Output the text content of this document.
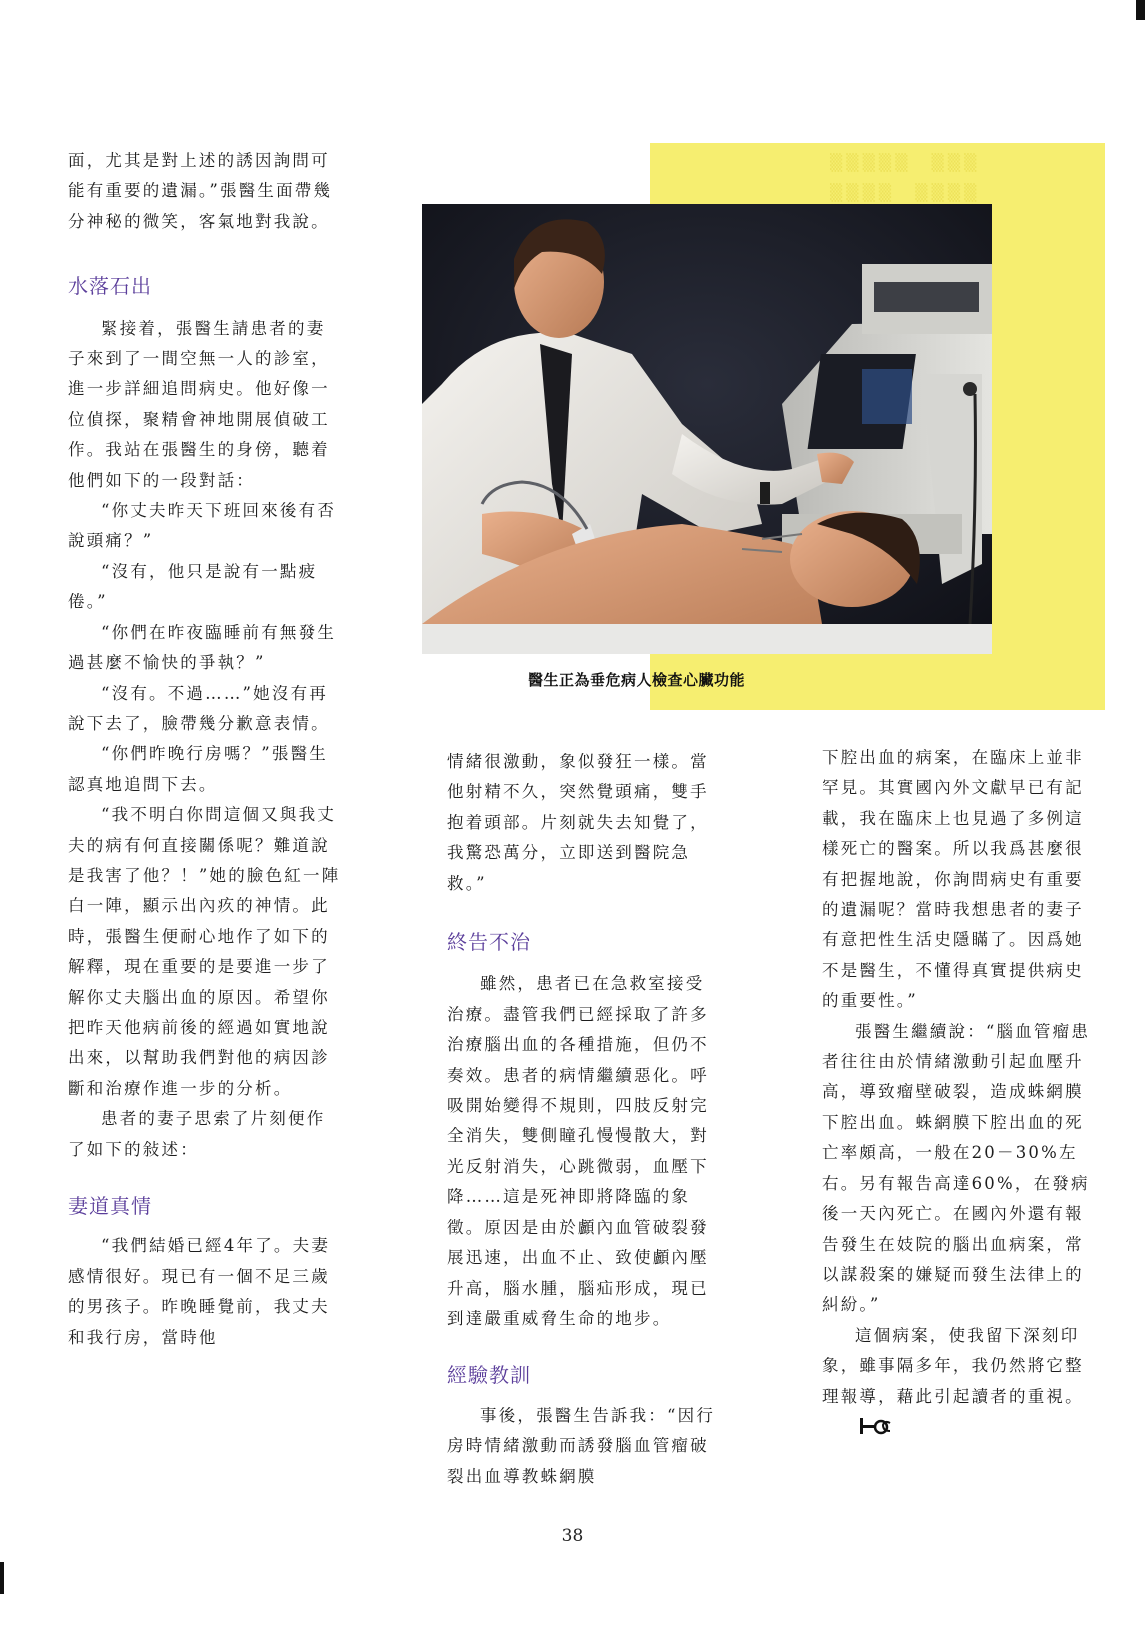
▒▒▒▒▒　▒▒▒
▒▒▒▒　▒▒▒▒

醫生正為垂危病人檢查心臟功能

面，尤其是對上述的誘因詢問可能有重要的遺漏。”張醫生面帶幾分神秘的微笑，客氣地對我說。

水落石出

緊接着，張醫生請患者的妻子來到了一間空無一人的診室，進一步詳細追問病史。他好像一位偵探，聚精會神地開展偵破工作。我站在張醫生的身傍，聽着他們如下的一段對話：

“你丈夫昨天下班回來後有否說頭痛？”

“沒有，他只是說有一點疲倦。”

“你們在昨夜臨睡前有無發生過甚麼不愉快的爭執？”

“沒有。不過……”她沒有再說下去了，臉帶幾分歉意表情。

“你們昨晚行房嗎？”張醫生認真地追問下去。

“我不明白你問這個又與我丈夫的病有何直接關係呢？難道說是我害了他？！”她的臉色紅一陣白一陣，顯示出內疚的神情。此時，張醫生便耐心地作了如下的解釋，現在重要的是要進一步了解你丈夫腦出血的原因。希望你把昨天他病前後的經過如實地說出來，以幫助我們對他的病因診斷和治療作進一步的分析。

患者的妻子思索了片刻便作了如下的敍述：

妻道真情

“我們結婚已經4年了。夫妻感情很好。現已有一個不足三歲的男孩子。昨晚睡覺前，我丈夫和我行房，當時他

情緒很激動，象似發狂一樣。當他射精不久，突然覺頭痛，雙手抱着頭部。片刻就失去知覺了，我驚恐萬分，立即送到醫院急救。”

終告不治

雖然，患者已在急救室接受治療。盡管我們已經採取了許多治療腦出血的各種措施，但仍不奏效。患者的病情繼續惡化。呼吸開始變得不規則，四肢反射完全消失，雙側瞳孔慢慢散大，對光反射消失，心跳微弱，血壓下降……這是死神即將降臨的象徵。原因是由於顱內血管破裂發展迅速，出血不止、致使顱內壓升高，腦水腫，腦疝形成，現已到達嚴重威脅生命的地步。

經驗教訓

事後，張醫生告訴我：“因行房時情緒激動而誘發腦血管瘤破裂出血導教蛛網膜

下腔出血的病案，在臨床上並非罕見。其實國內外文獻早已有記載，我在臨床上也見過了多例這樣死亡的醫案。所以我爲甚麼很有把握地說，你詢問病史有重要的遺漏呢？當時我想患者的妻子有意把性生活史隱瞞了。因爲她不是醫生，不懂得真實提供病史的重要性。”

張醫生繼續說：“腦血管瘤患者往往由於情緒激動引起血壓升高，導致瘤壁破裂，造成蛛網膜下腔出血。蛛網膜下腔出血的死亡率頗高，一般在20－30%左右。另有報告高達60%，在發病後一天內死亡。在國內外還有報告發生在妓院的腦出血病案，常以謀殺案的嫌疑而發生法律上的糾紛。”

這個病案，使我留下深刻印象，雖事隔多年，我仍然將它整理報導，藉此引起讀者的重視。

38
